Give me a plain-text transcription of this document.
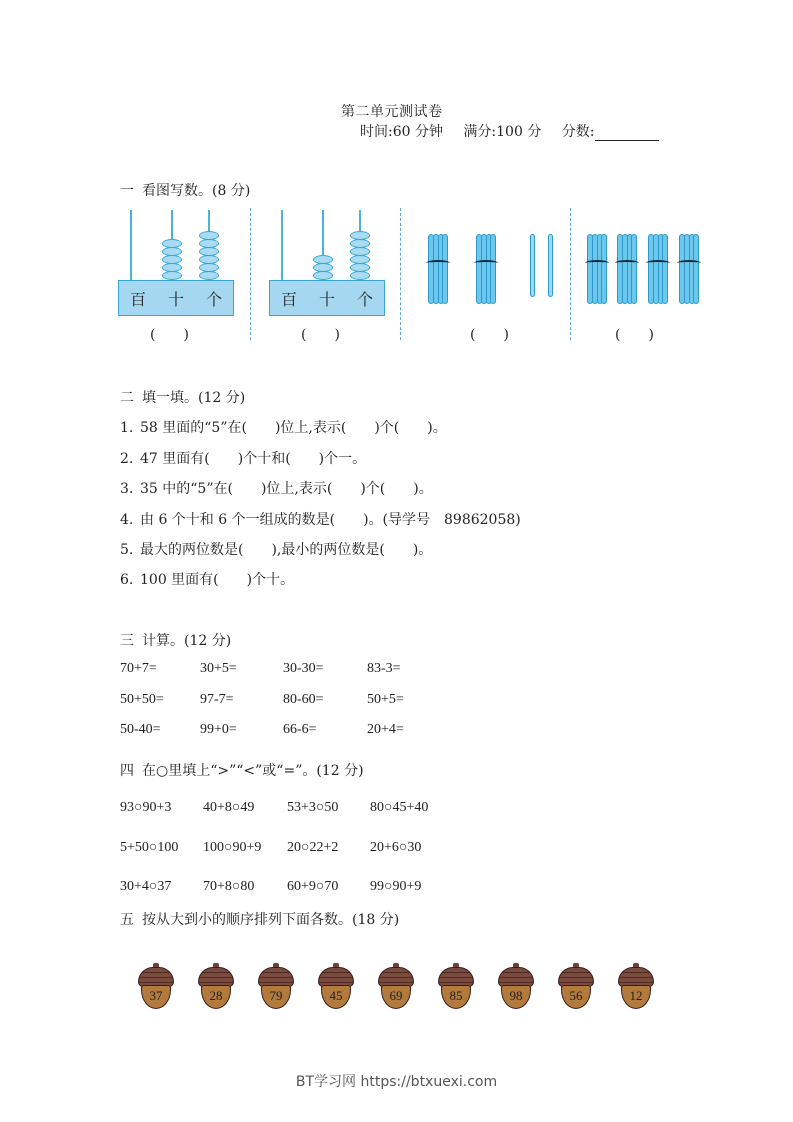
第二单元测试卷
时间:60 分钟 满分:100 分 分数:
一 看图写数。(8 分)
百 十 个
(　　)
百 十 个
(　　)	(　　)	(　　)
二 填一填。(12 分)
1. 58 里面的“5”在(　　)位上,表示(　　)个(　　)。
2. 47 里面有(　　)个十和(　　)个一。
3. 35 中的“5”在(　　)位上,表示(　　)个(　　)。
4. 由 6 个十和 6 个一组成的数是(　　)。(导学号　89862058)
5. 最大的两位数是(　　),最小的两位数是(　　)。
6. 100 里面有(　　)个十。
三 计算。(12 分)
70+7=	30+5=	30-30=	83-3=
50+50=	97-7=	80-60=	50+5=
50-40=	99+0=	66-6=	20+4=
四 在○里填上“>”“<”或“=”。(12 分)
93○90+3 40+8○49 53+3○50 80○45+40
5+50○100 100○90+9 20○22+2 20+6○30
30+4○37 70+8○80 60+9○70 99○90+9
五 按从大到小的顺序排列下面各数。(18 分)
37	28	79	45	69	85	98	56	12
BT学习网 https://btxuexi.com
